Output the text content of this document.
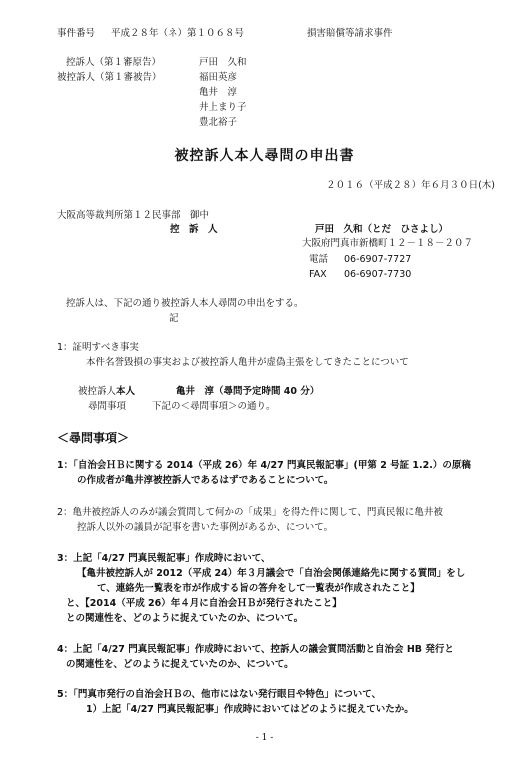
事件番号 平成２８年（ネ）第１０６８号	損害賠償等請求事件
控訴人（第１審原告）	戸田　久和
被控訴人（第１審被告）	福田英彦
亀井　淳
井上まり子
豊北裕子
被控訴人本人尋問の申出書
２０１６（平成２８）年６月３０日(木)
大阪高等裁判所第１２民事部　御中
控　訴　人	戸田　久和（とだ　ひさよし）
大阪府門真市新橋町１２－１８－２０７
電話 06-6907-7727
FAX 06-6907-7730
控訴人は、下記の通り被控訴人本人尋問の申出をする。
記
1：証明すべき事実
本件名誉毀損の事実および被控訴人亀井が虚偽主張をしてきたことについて
被控訴人本人	亀井　淳（尋問予定時間 40 分）
尋問事項	下記の＜尋問事項＞の通り。
＜尋問事項＞
1：「自治会ＨＢに関する 2014（平成 26）年 4/27 門真民報記事」(甲第 2 号証 1.2.）の原稿
の作成者が亀井淳被控訴人であるはずであることについて。
2：亀井被控訴人のみが議会質問して何かの「成果」を得た件に関して、門真民報に亀井被
控訴人以外の議員が記事を書いた事例があるか、について。
3：上記「4/27 門真民報記事」作成時において、
【亀井被控訴人が 2012（平成 24）年３月議会で「自治会関係連絡先に関する質問」をし
て、連絡先一覧表を市が作成する旨の答弁をして一覧表が作成されたこと】
と、【2014（平成 26）年４月に自治会ＨＢが発行されたこと】
との関連性を、どのように捉えていたのか、について。
4：上記「4/27 門真民報記事」作成時において、控訴人の議会質問活動と自治会 HB 発行と
の関連性を、どのように捉えていたのか、について。
5：｢門真市発行の自治会ＨＢの、他市にはない発行眼目や特色」について、
1）上記「4/27 門真民報記事」作成時においてはどのように捉えていたか。
- 1 -
